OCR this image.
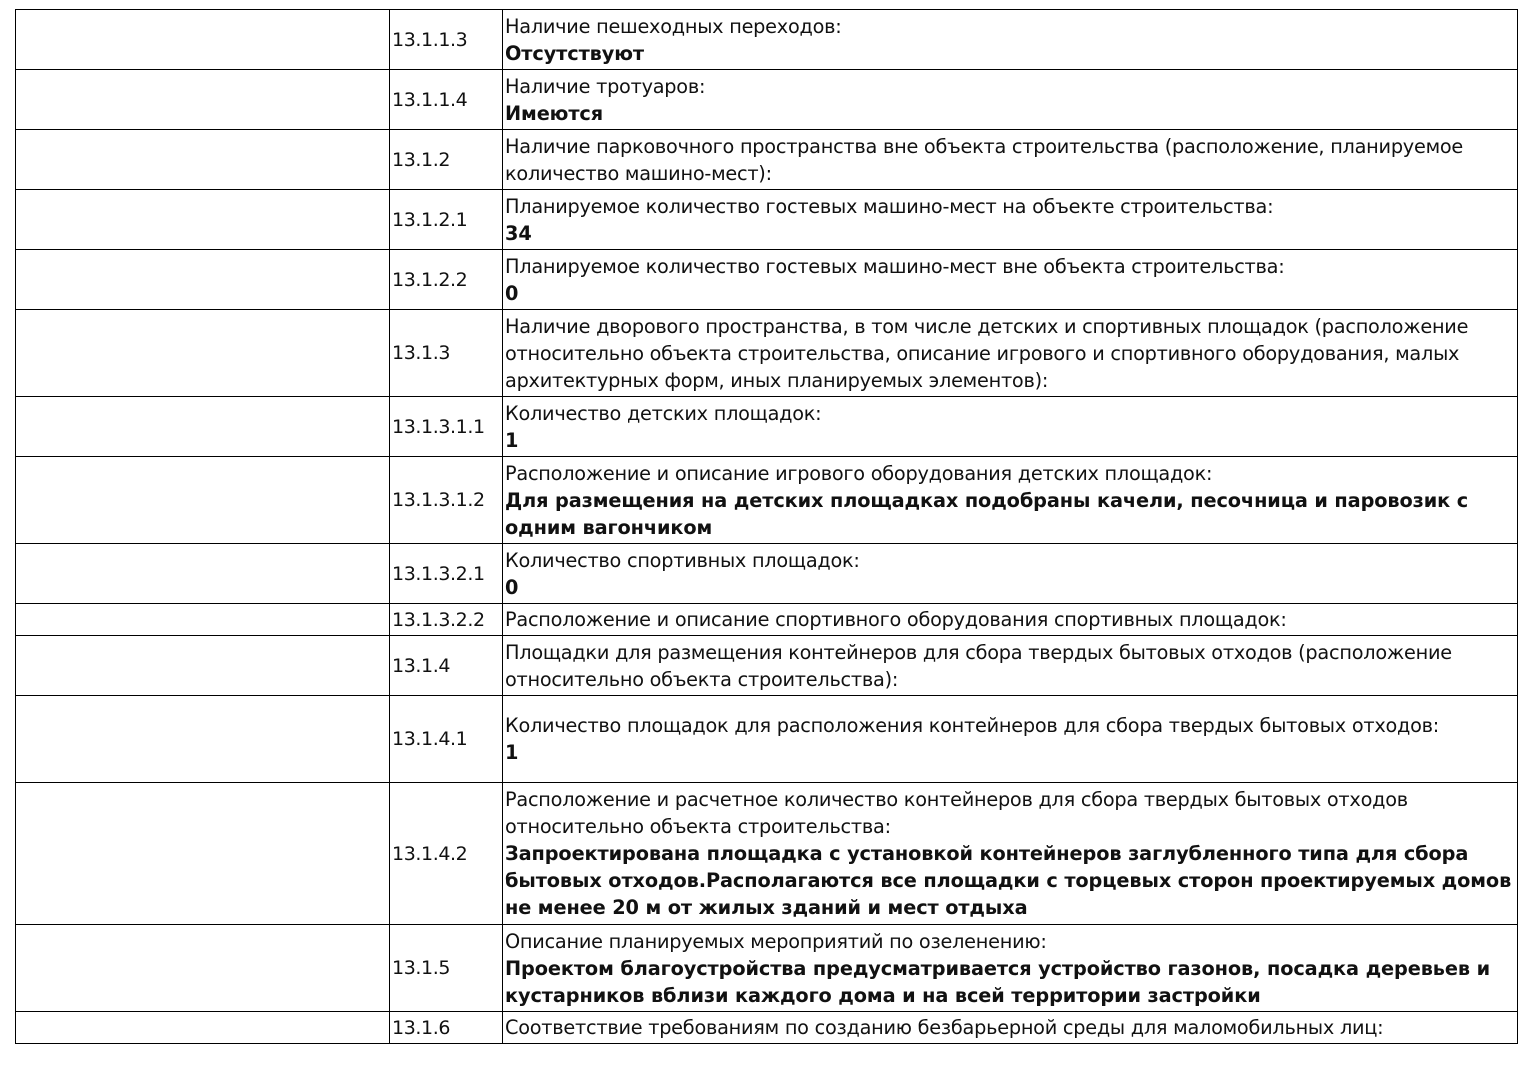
	13.1.1.3	Наличие пешеходных переходов:
Отсутствуют

	13.1.1.4	Наличие тротуаров:
Имеются

	13.1.2	Наличие парковочного пространства вне объекта строительства (расположение, планируемое количество машино-мест):

	13.1.2.1	Планируемое количество гостевых машино-мест на объекте строительства:
34

	13.1.2.2	Планируемое количество гостевых машино-мест вне объекта строительства:
0

	13.1.3	Наличие дворового пространства, в том числе детских и спортивных площадок (расположение относительно объекта строительства, описание игрового и спортивного оборудования, малых архитектурных форм, иных планируемых элементов):

	13.1.3.1.1	Количество детских площадок:
1

	13.1.3.1.2	Расположение и описание игрового оборудования детских площадок:
Для размещения на детских площадках подобраны качели, песочница и паровозик с одним вагончиком

	13.1.3.2.1	Количество спортивных площадок:
0

	13.1.3.2.2	Расположение и описание спортивного оборудования спортивных площадок:

	13.1.4	Площадки для размещения контейнеров для сбора твердых бытовых отходов (расположение относительно объекта строительства):

	13.1.4.1	Количество площадок для расположения контейнеров для сбора твердых бытовых отходов:
1

	13.1.4.2	Расположение и расчетное количество контейнеров для сбора твердых бытовых отходов относительно объекта строительства:
Запроектирована площадка с установкой контейнеров заглубленного типа для сбора бытовых отходов.Располагаются все площадки с торцевых сторон проектируемых домов не менее 20 м от жилых зданий и мест отдыха

	13.1.5	Описание планируемых мероприятий по озеленению:
Проектом благоустройства предусматривается устройство газонов, посадка деревьев и кустарников вблизи каждого дома и на всей территории застройки

	13.1.6	Соответствие требованиям по созданию безбарьерной среды для маломобильных лиц:
